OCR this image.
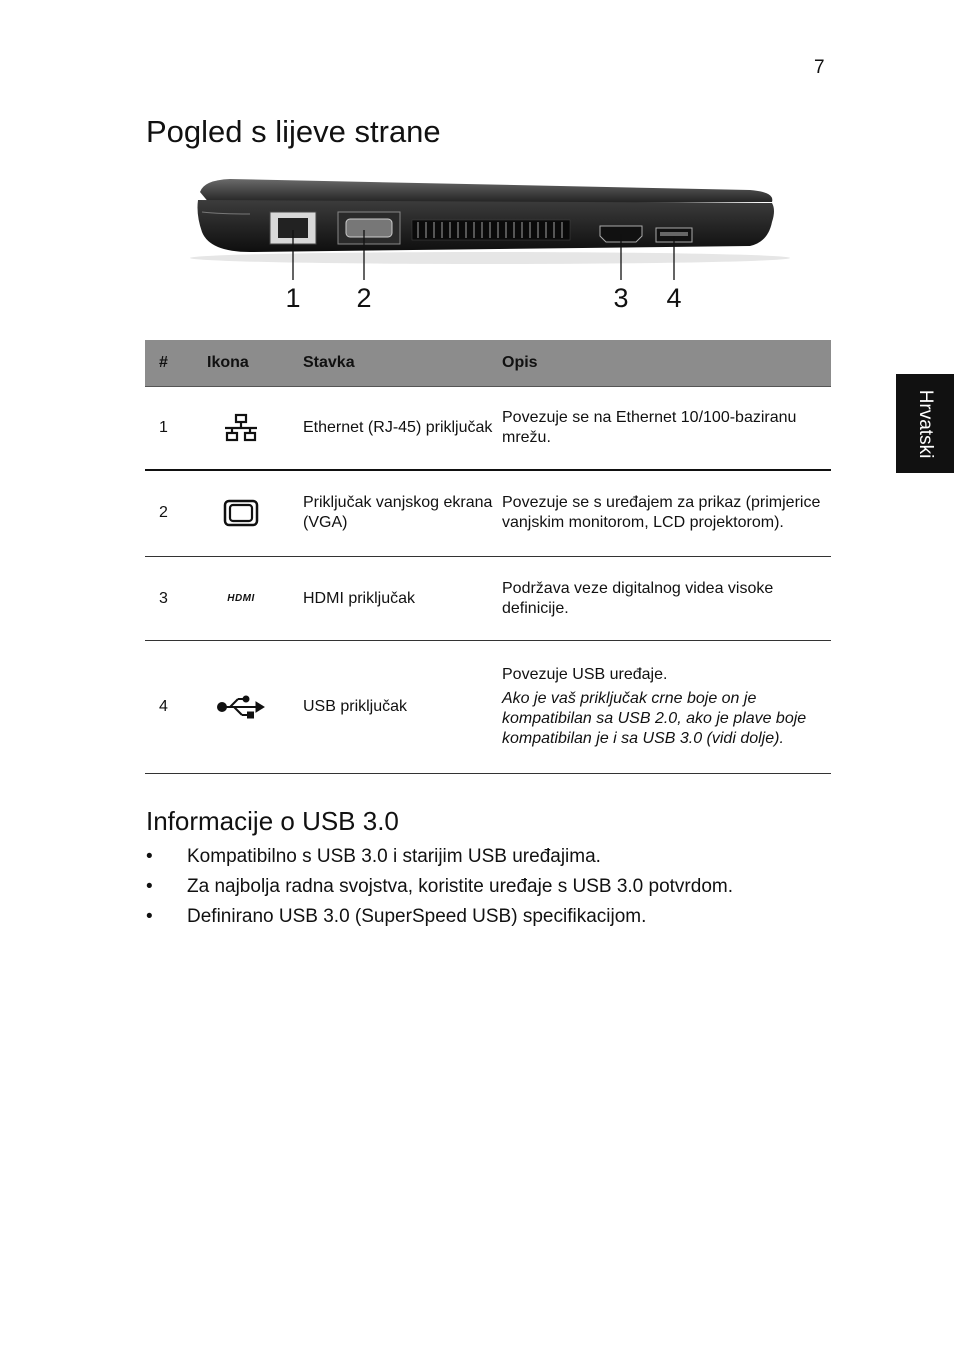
7
Pogled s lijeve strane
Hrvatski
1 2	3 4
#	Ikona	Stavka	Opis
1		Ethernet (RJ-45) priključak	Povezuje se na Ethernet 10/100-baziranu mrežu.
2		Priključak vanjskog ekrana (VGA)	Povezuje se s uređajem za prikaz (primjerice vanjskim monitorom, LCD projektorom).
3	HDMI	HDMI priključak	Podržava veze digitalnog videa visoke definicije.
4		USB priključak	Povezuje USB uređaje.
Ako je vaš priključak crne boje on je kompatibilan sa USB 2.0, ako je plave boje kompatibilan je i sa USB 3.0 (vidi dolje).
Informacije o USB 3.0
• Kompatibilno s USB 3.0 i starijim USB uređajima.
• Za najbolja radna svojstva, koristite uređaje s USB 3.0 potvrdom.
• Definirano USB 3.0 (SuperSpeed USB) specifikacijom.
